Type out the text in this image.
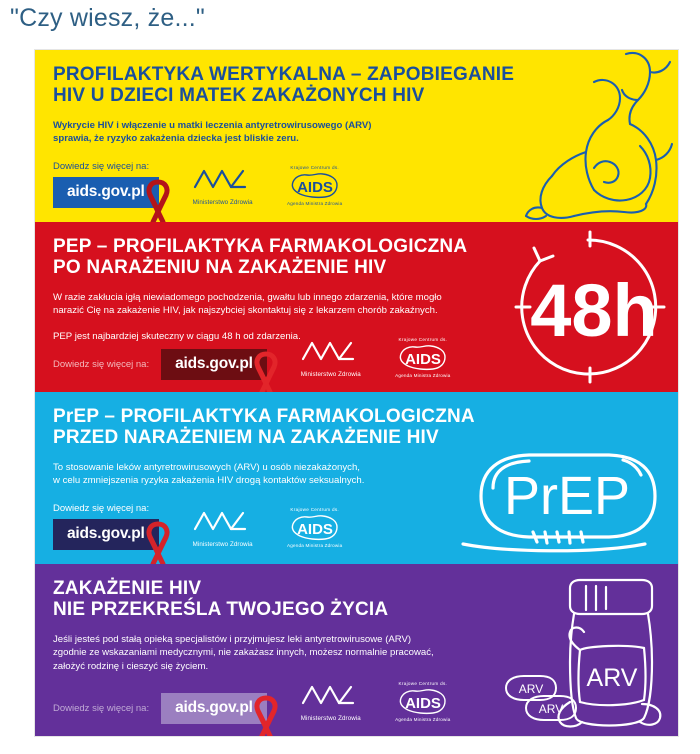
"Czy wiesz, że..."
PROFILAKTYKA WERTYKALNA – ZAPOBIEGANIE
HIV U DZIECI MATEK ZAKAŻONYCH HIV

Wykrycie HIV i włączenie u matki leczenia antyretrowirusowego (ARV)
sprawia, że ryzyko zakażenia dziecka jest bliskie zeru.

Dowiedz się więcej na:
aids.gov.pl
Ministerstwo Zdrowia
Krajowe Centrum ds.
AIDS
Agenda Ministra Zdrowia
48h
PEP – PROFILAKTYKA FARMAKOLOGICZNA
PO NARAŻENIU NA ZAKAŻENIE HIV

W razie zakłucia igłą niewiadomego pochodzenia, gwałtu lub innego zdarzenia, które mogło
narazić Cię na zakażenie HIV, jak najszybciej skontaktuj się z lekarzem chorób zakaźnych.

PEP jest najbardziej skuteczny w ciągu 48 h od zdarzenia.

Dowiedz się więcej na:	aids.gov.pl
Ministerstwo Zdrowia
Krajowe Centrum ds.
AIDS
Agenda Ministra Zdrowia
PrEP
PrEP – PROFILAKTYKA FARMAKOLOGICZNA
PRZED NARAŻENIEM NA ZAKAŻENIE HIV

To stosowanie leków antyretrowirusowych (ARV) u osób niezakażonych,
w celu zmniejszenia ryzyka zakażenia HIV drogą kontaktów seksualnych.

Dowiedz się więcej na:
aids.gov.pl
Ministerstwo Zdrowia
Krajowe Centrum ds.
AIDS
Agenda Ministra Zdrowia
ARV
ARV
ARV
ZAKAŻENIE HIV
NIE PRZEKREŚLA TWOJEGO ŻYCIA

Jeśli jesteś pod stałą opieką specjalistów i przyjmujesz leki antyretrowirusowe (ARV)
zgodnie ze wskazaniami medycznymi, nie zakażasz innych, możesz normalnie pracować,
założyć rodzinę i cieszyć się życiem.

Dowiedz się więcej na:	aids.gov.pl
Ministerstwo Zdrowia
Krajowe Centrum ds.
AIDS
Agenda Ministra Zdrowia
